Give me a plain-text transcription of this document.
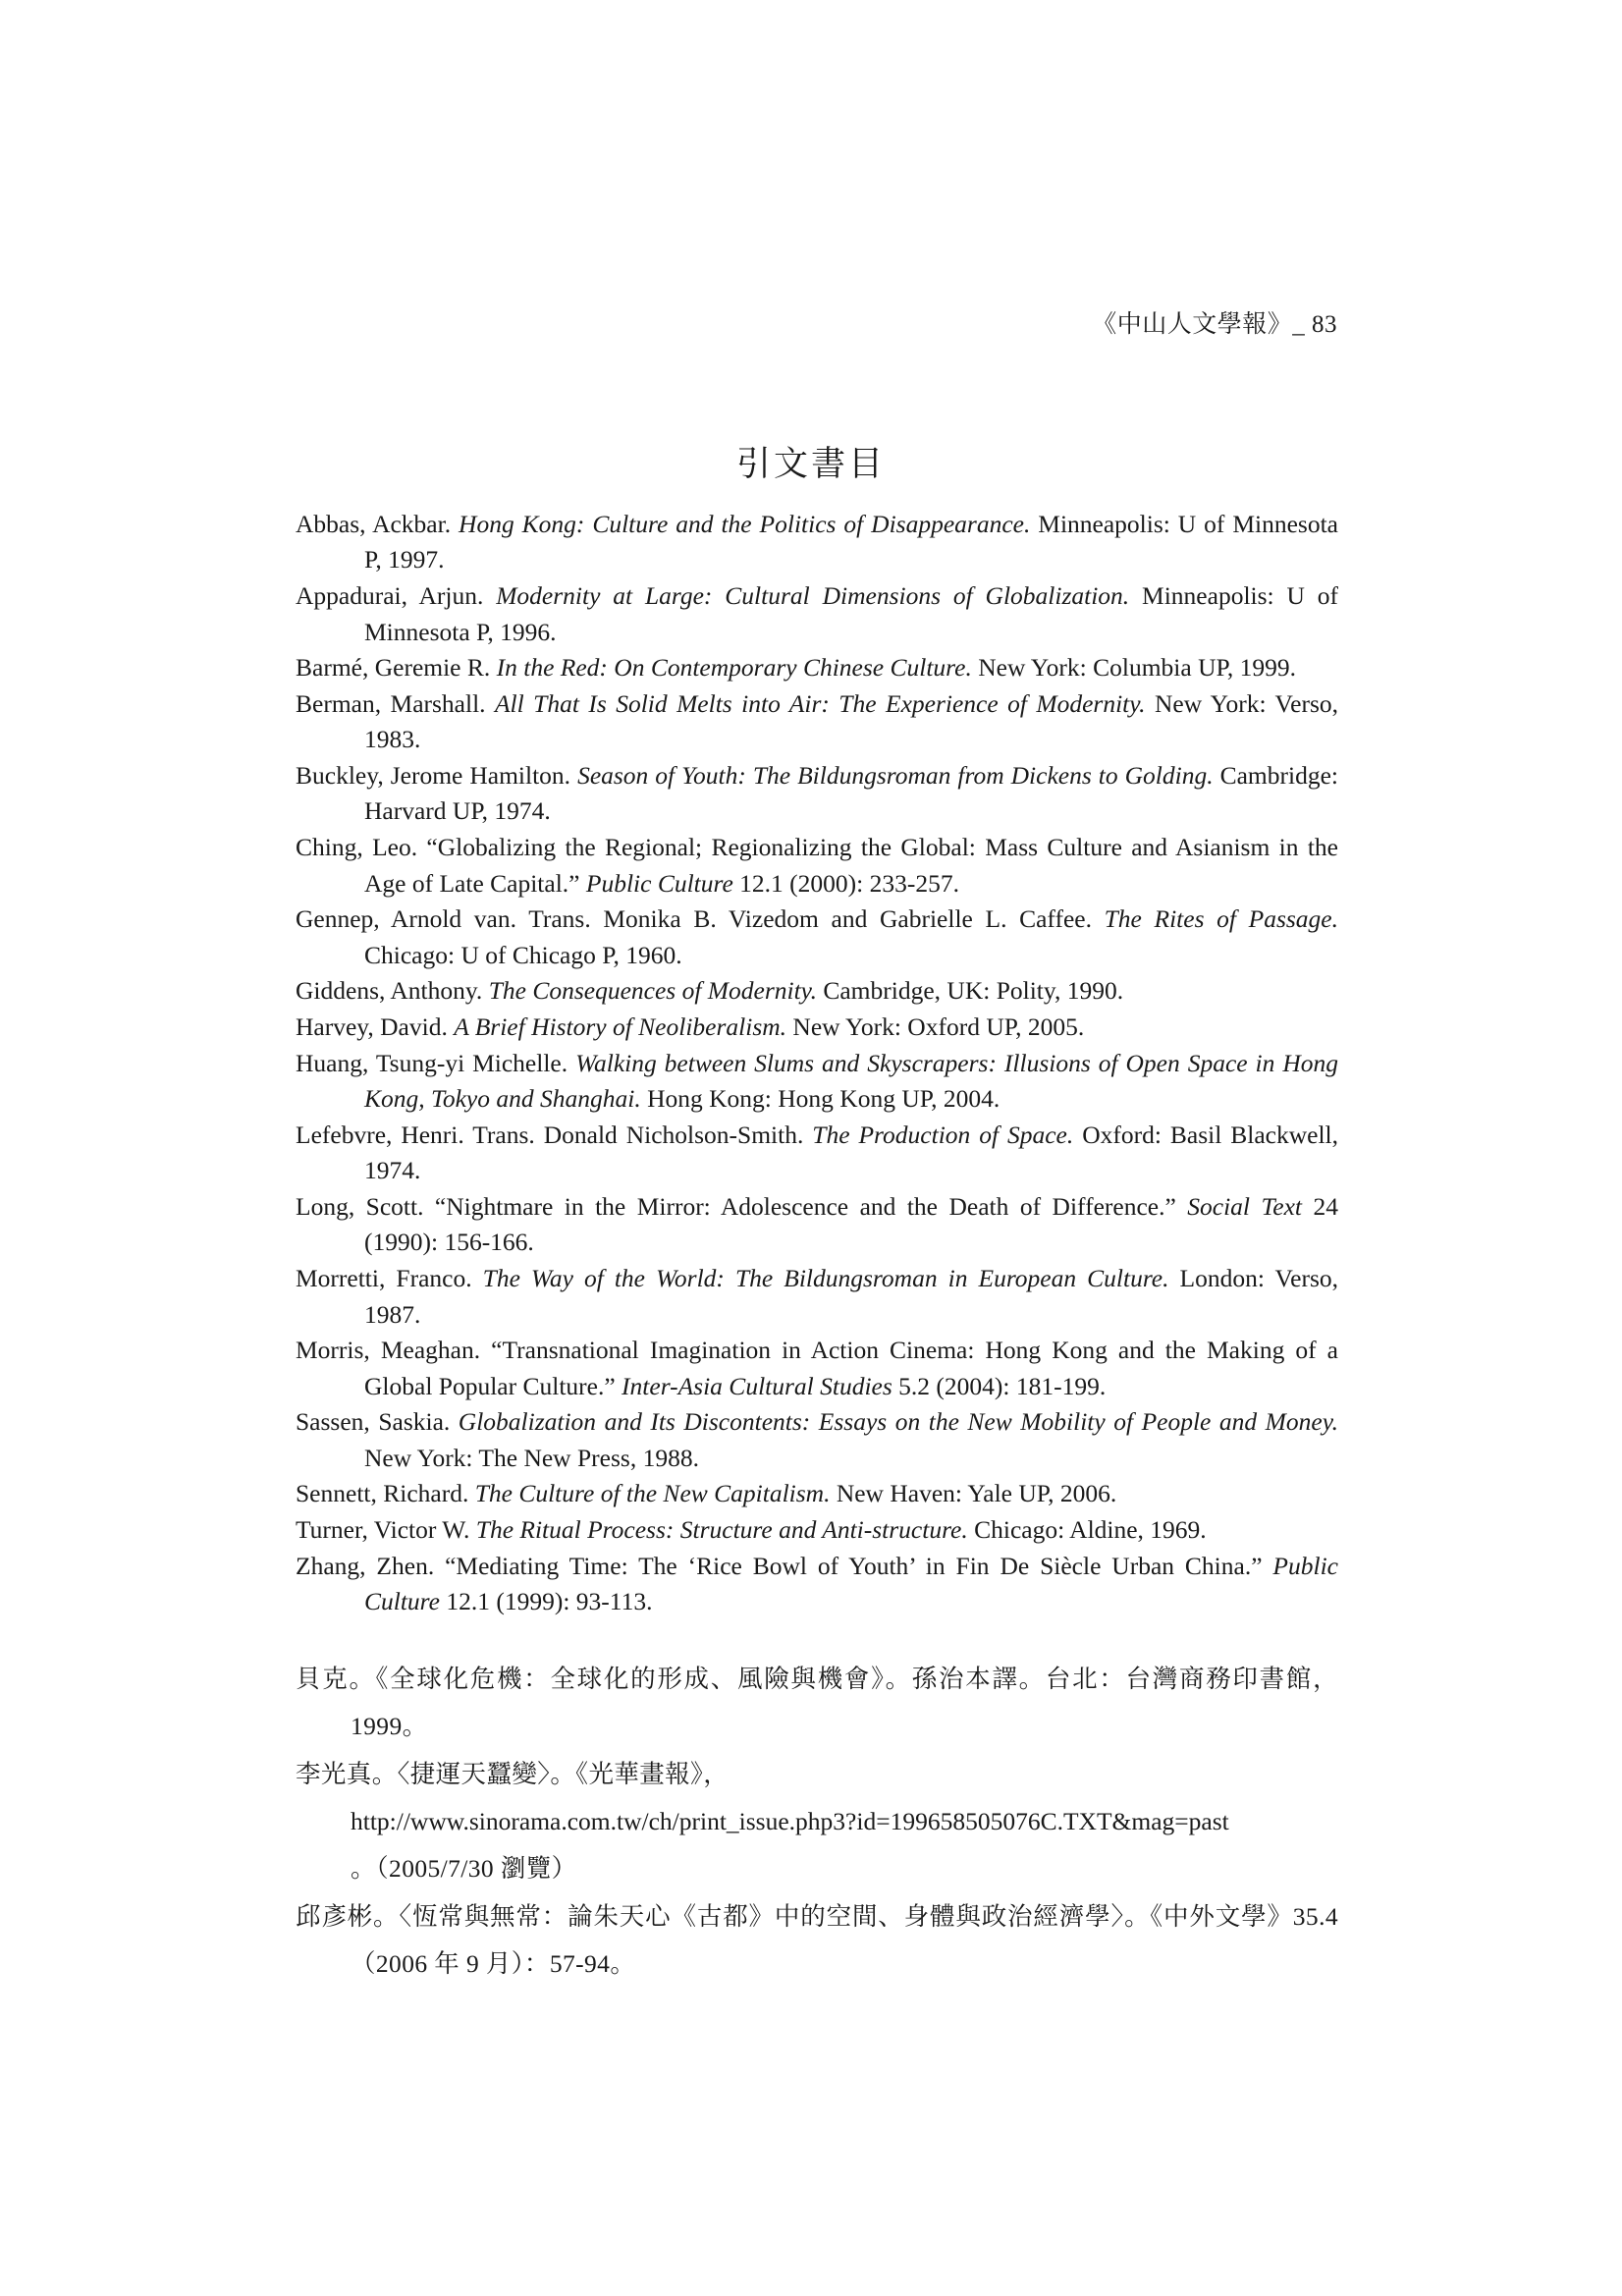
《中山人文學報》_ 83
引文書目

Abbas, Ackbar. Hong Kong: Culture and the Politics of Disappearance. Minneapolis: U of Minnesota P, 1997.

Appadurai, Arjun. Modernity at Large: Cultural Dimensions of Globalization. Minneapolis: U of Minnesota P, 1996.

Barmé, Geremie R. In the Red: On Contemporary Chinese Culture. New York: Columbia UP, 1999.

Berman, Marshall. All That Is Solid Melts into Air: The Experience of Modernity. New York: Verso, 1983.

Buckley, Jerome Hamilton. Season of Youth: The Bildungsroman from Dickens to Golding. Cambridge: Harvard UP, 1974.

Ching, Leo. “Globalizing the Regional; Regionalizing the Global: Mass Culture and Asianism in the Age of Late Capital.” Public Culture 12.1 (2000): 233-257.

Gennep, Arnold van. Trans. Monika B. Vizedom and Gabrielle L. Caffee. The Rites of Passage. Chicago: U of Chicago P, 1960.

Giddens, Anthony. The Consequences of Modernity. Cambridge, UK: Polity, 1990.

Harvey, David. A Brief History of Neoliberalism. New York: Oxford UP, 2005.

Huang, Tsung-yi Michelle. Walking between Slums and Skyscrapers: Illusions of Open Space in Hong Kong, Tokyo and Shanghai. Hong Kong: Hong Kong UP, 2004.

Lefebvre, Henri. Trans. Donald Nicholson-Smith. The Production of Space. Oxford: Basil Blackwell, 1974.

Long, Scott. “Nightmare in the Mirror: Adolescence and the Death of Difference.” Social Text 24 (1990): 156-166.

Morretti, Franco. The Way of the World: The Bildungsroman in European Culture. London: Verso, 1987.

Morris, Meaghan. “Transnational Imagination in Action Cinema: Hong Kong and the Making of a Global Popular Culture.” Inter-Asia Cultural Studies 5.2 (2004): 181-199.

Sassen, Saskia. Globalization and Its Discontents: Essays on the New Mobility of People and Money. New York: The New Press, 1988.

Sennett, Richard. The Culture of the New Capitalism. New Haven: Yale UP, 2006.

Turner, Victor W. The Ritual Process: Structure and Anti-structure. Chicago: Aldine, 1969.

Zhang, Zhen. “Mediating Time: The ‘Rice Bowl of Youth’ in Fin De Siècle Urban China.” Public Culture 12.1 (1999): 93-113.

貝克。《全球化危機：全球化的形成、風險與機會》。孫治本譯。台北：台灣商務印書館，1999。

李光真。〈捷運天蠶變〉。《光華畫報》，
http://www.sinorama.com.tw/ch/print_issue.php3?id=199658505076C.TXT&mag=past
。（2005/7/30 瀏覽）

邱彥彬。〈恆常與無常：論朱天心《古都》中的空間、身體與政治經濟學〉。《中外文學》35.4（2006 年 9 月）：57-94。
